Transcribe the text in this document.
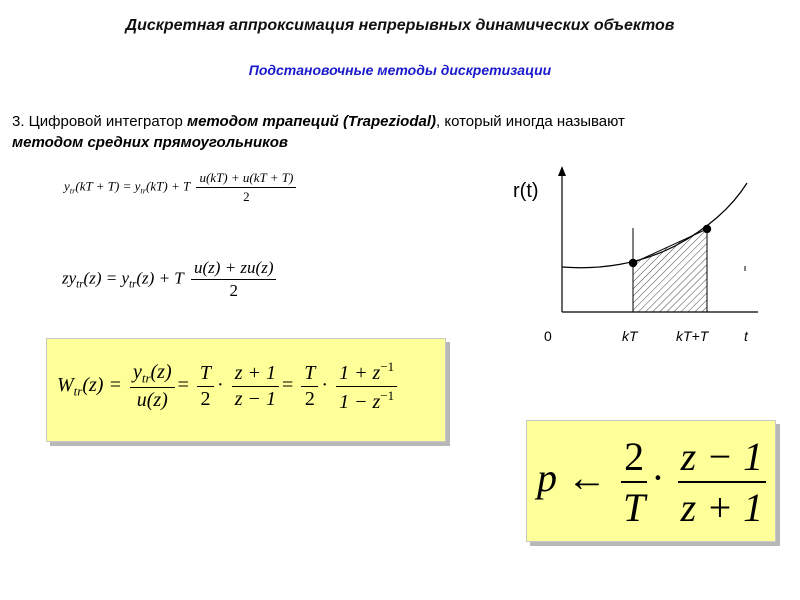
Дискретная аппроксимация непрерывных динамических объектов
Подстановочные методы дискретизации
3. Цифровой интегратор методом трапеций (Trapeziodal), который иногда называют
методом средних прямоугольников
$y_{tr}(kT + T) = y_{tr}(kT) + T \frac{u(kT) + u(kT + T)}{2}$
$zy_{tr}(z) = y_{tr}(z) + T \frac{u(z) + zu(z)}{2}$
$W_{tr}(z) = \frac{y_{tr}(z)}{u(z)} = \frac{T}{2} \cdot \frac{z + 1}{z - 1} = \frac{T}{2} \cdot \frac{1 + z^{-1}}{1 - z^{-1}}$
p ← $\frac{2}{T} \cdot \frac{z - 1}{z + 1}$
r(t)
0	kT	kT+T	t
